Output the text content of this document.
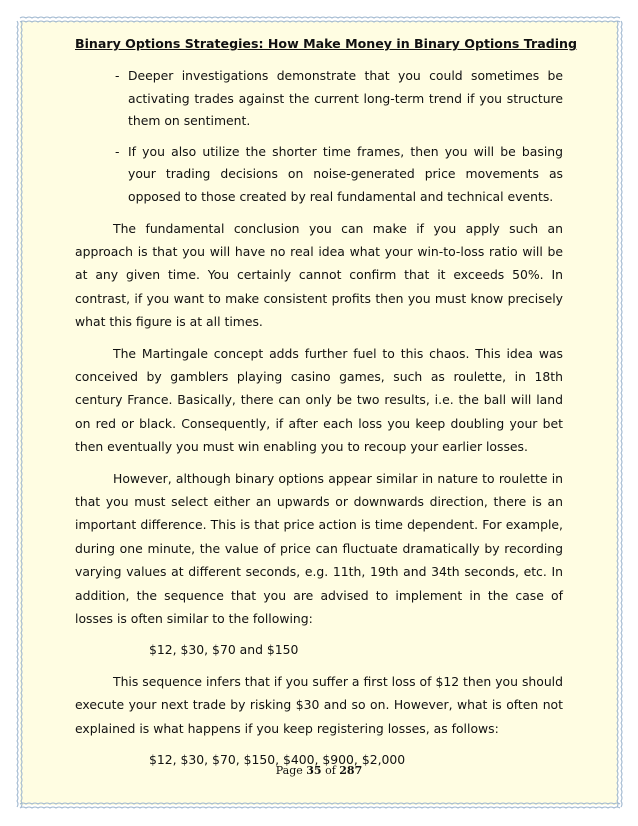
Binary Options Strategies: How Make Money in Binary Options Trading
- Deeper investigations demonstrate that you could sometimes be activating trades against the current long-term trend if you structure them on sentiment.
- If you also utilize the shorter time frames, then you will be basing your trading decisions on noise-generated price movements as opposed to those created by real fundamental and technical events.

The fundamental conclusion you can make if you apply such an approach is that you will have no real idea what your win-to-loss ratio will be at any given time. You certainly cannot confirm that it exceeds 50%. In contrast, if you want to make consistent profits then you must know precisely what this figure is at all times.

The Martingale concept adds further fuel to this chaos. This idea was conceived by gamblers playing casino games, such as roulette, in 18th century France. Basically, there can only be two results, i.e. the ball will land on red or black. Consequently, if after each loss you keep doubling your bet then eventually you must win enabling you to recoup your earlier losses.

However, although binary options appear similar in nature to roulette in that you must select either an upwards or downwards direction, there is an important difference. This is that price action is time dependent. For example, during one minute, the value of price can fluctuate dramatically by recording varying values at different seconds, e.g. 11th, 19th and 34th seconds, etc. In addition, the sequence that you are advised to implement in the case of losses is often similar to the following:

$12, $30, $70 and $150

This sequence infers that if you suffer a first loss of $12 then you should execute your next trade by risking $30 and so on. However, what is often not explained is what happens if you keep registering losses, as follows:

$12, $30, $70, $150, $400, $900, $2,000

Page 35 of 287
